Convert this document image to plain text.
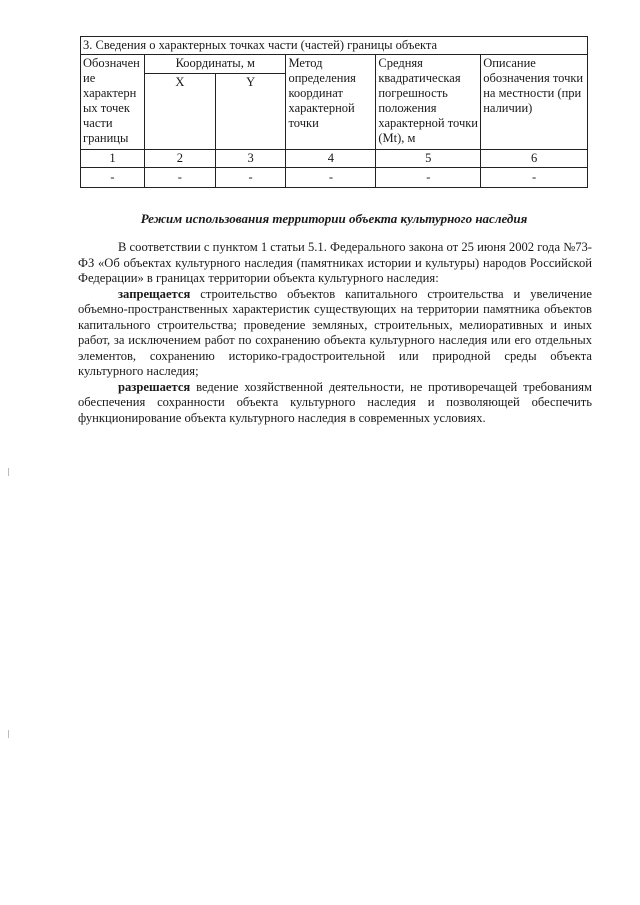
3. Сведения о характерных точках части (частей) границы объекта					
Обозначен ие характерн ых точек части границы	Координаты, м		Метод определения координат характерной точки	Средняя квадратическая погрешность положения характерной точки (Mt), м	Описание обозначения точки на местности (при наличии)
	X	Y			
1	2	3	4	5	6
-	-	-	-	-	-
Режим использования территории объекта культурного наследия

В соответствии с пунктом 1 статьи 5.1. Федерального закона от 25 июня 2002 года №73-ФЗ «Об объектах культурного наследия (памятниках истории и культуры) народов Российской Федерации» в границах территории объекта культурного наследия:

запрещается строительство объектов капитального строительства и увеличение объемно-пространственных характеристик существующих на территории памятника объектов капитального строительства; проведение земляных, строительных, мелиоративных и иных работ, за исключением работ по сохранению объекта культурного наследия или его отдельных элементов, сохранению историко-градостроительной или природной среды объекта культурного наследия;

разрешается ведение хозяйственной деятельности, не противоречащей требованиям обеспечения сохранности объекта культурного наследия и позволяющей обеспечить функционирование объекта культурного наследия в современных условиях.
